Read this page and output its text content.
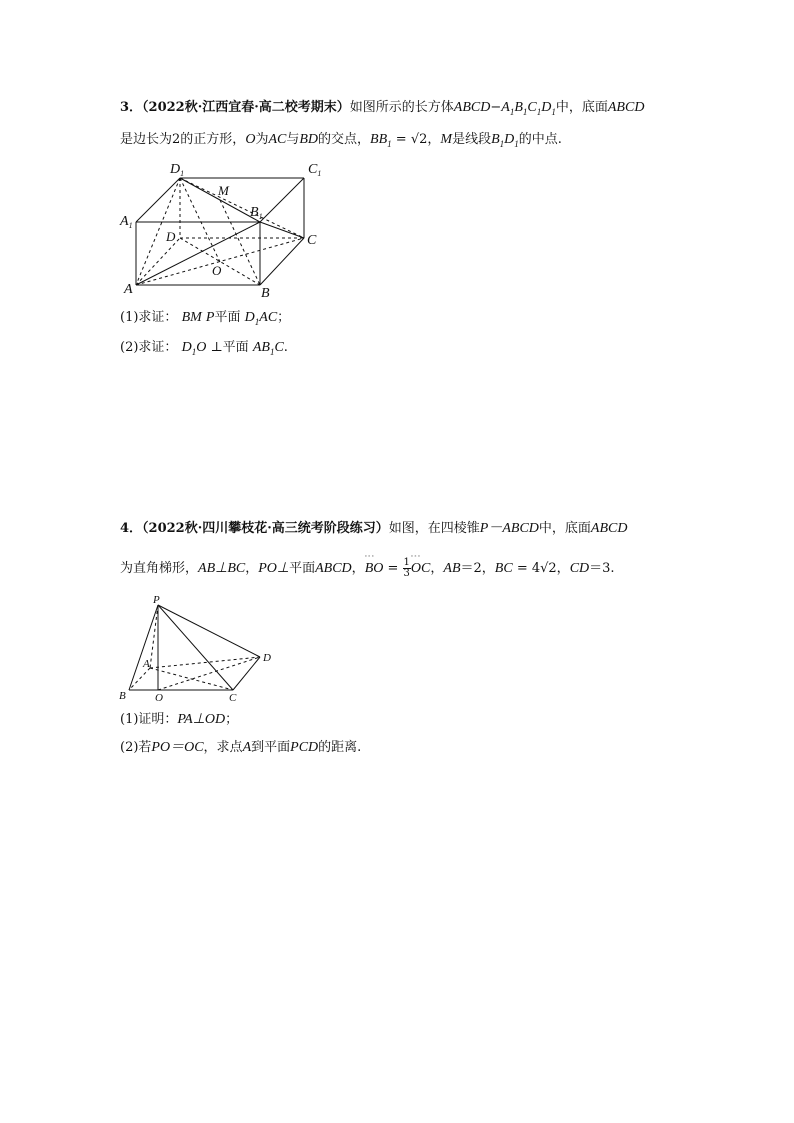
3．（2022秋·江西宜春·高二校考期末）如图所示的长方体$ABCD-A_1B_1C_1D_1$中，底面ABCD
是边长为2的正方形，O为AC与BD的交点，$BB_1 = √2$，M是线段$B_1D_1$的中点.
$D_1$	$C_1$
M
$B_1$
$A_1$
D	C
O
A	B
(1)求证： BM P平面 $D_1AC$；
(2)求证： $D_1O$ ⊥平面 $AB_1C$.
4．（2022秋·四川攀枝花·高三统考阶段练习）如图，在四棱锥P－ABCD中，底面ABCD
为直角梯形，AB⊥BC，PO⊥平面ABCD，
ﾟﾟﾟ
BO = $\frac{1}{3}$ ﾟﾟﾟ
OC，AB＝2，BC = 4√2，CD＝3.
P
D
A
B	O	C
(1)证明：PA⊥OD；
(2)若PO＝OC，求点A到平面PCD的距离.
